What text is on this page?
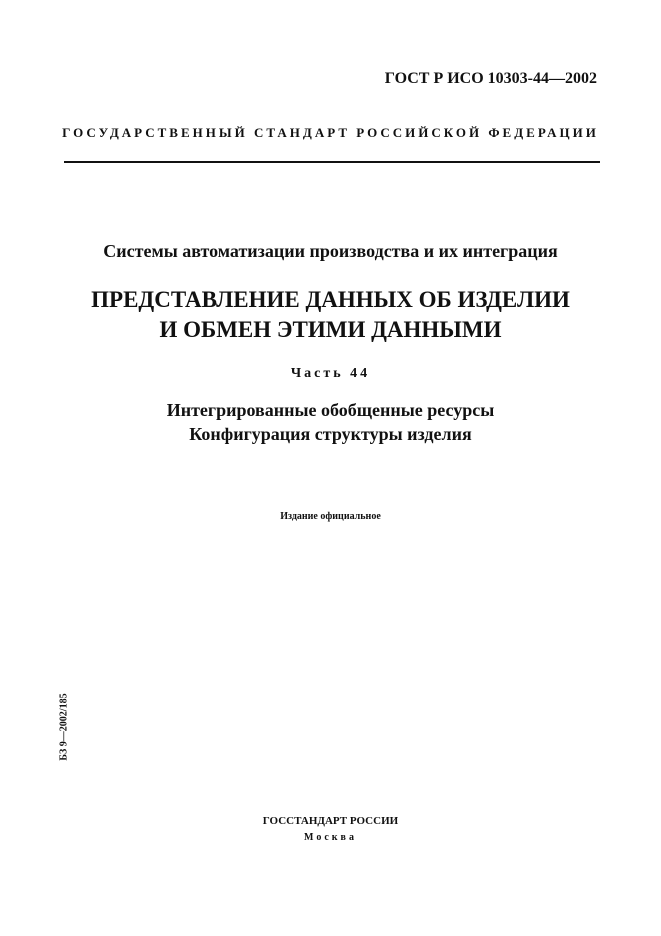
ГОСТ Р ИСО 10303-44—2002
ГОСУДАРСТВЕННЫЙ СТАНДАРТ РОССИЙСКОЙ ФЕДЕРАЦИИ
Системы автоматизации производства и их интеграция
ПРЕДСТАВЛЕНИЕ ДАННЫХ ОБ ИЗДЕЛИИ
И ОБМЕН ЭТИМИ ДАННЫМИ
Часть 44
Интегрированные обобщенные ресурсы
Конфигурация структуры изделия
Издание официальное
БЗ 9—2002/185
ГОССТАНДАРТ РОССИИ
Москва
